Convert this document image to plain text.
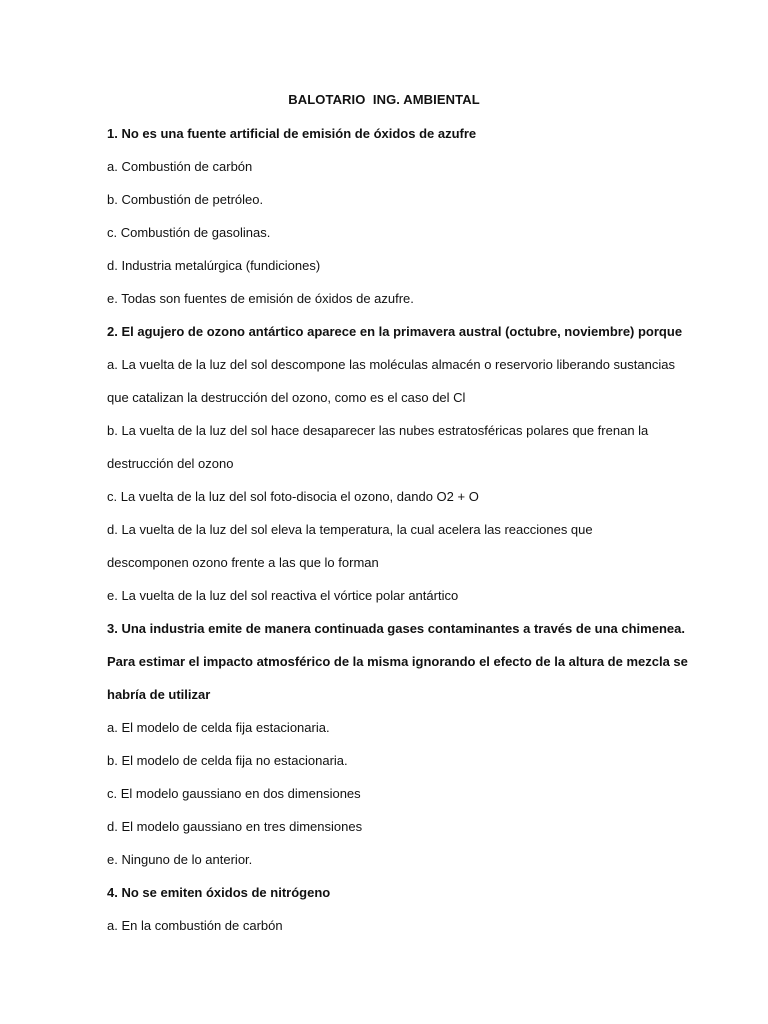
BALOTARIO  ING. AMBIENTAL
1. No es una fuente artificial de emisión de óxidos de azufre
a. Combustión de carbón
b. Combustión de petróleo.
c. Combustión de gasolinas.
d. Industria metalúrgica (fundiciones)
e. Todas son fuentes de emisión de óxidos de azufre.
2. El agujero de ozono antártico aparece en la primavera austral (octubre, noviembre) porque
a. La vuelta de la luz del sol descompone las moléculas almacén o reservorio liberando sustancias
que catalizan la destrucción del ozono, como es el caso del Cl
b. La vuelta de la luz del sol hace desaparecer las nubes estratosféricas polares que frenan la
destrucción del ozono
c. La vuelta de la luz del sol foto-disocia el ozono, dando O2 + O
d. La vuelta de la luz del sol eleva la temperatura, la cual acelera las reacciones que
descomponen ozono frente a las que lo forman
e. La vuelta de la luz del sol reactiva el vórtice polar antártico
3. Una industria emite de manera continuada gases contaminantes a través de una chimenea.
Para estimar el impacto atmosférico de la misma ignorando el efecto de la altura de mezcla se
habría de utilizar
a. El modelo de celda fija estacionaria.
b. El modelo de celda fija no estacionaria.
c. El modelo gaussiano en dos dimensiones
d. El modelo gaussiano en tres dimensiones
e. Ninguno de lo anterior.
4. No se emiten óxidos de nitrógeno
a. En la combustión de carbón
